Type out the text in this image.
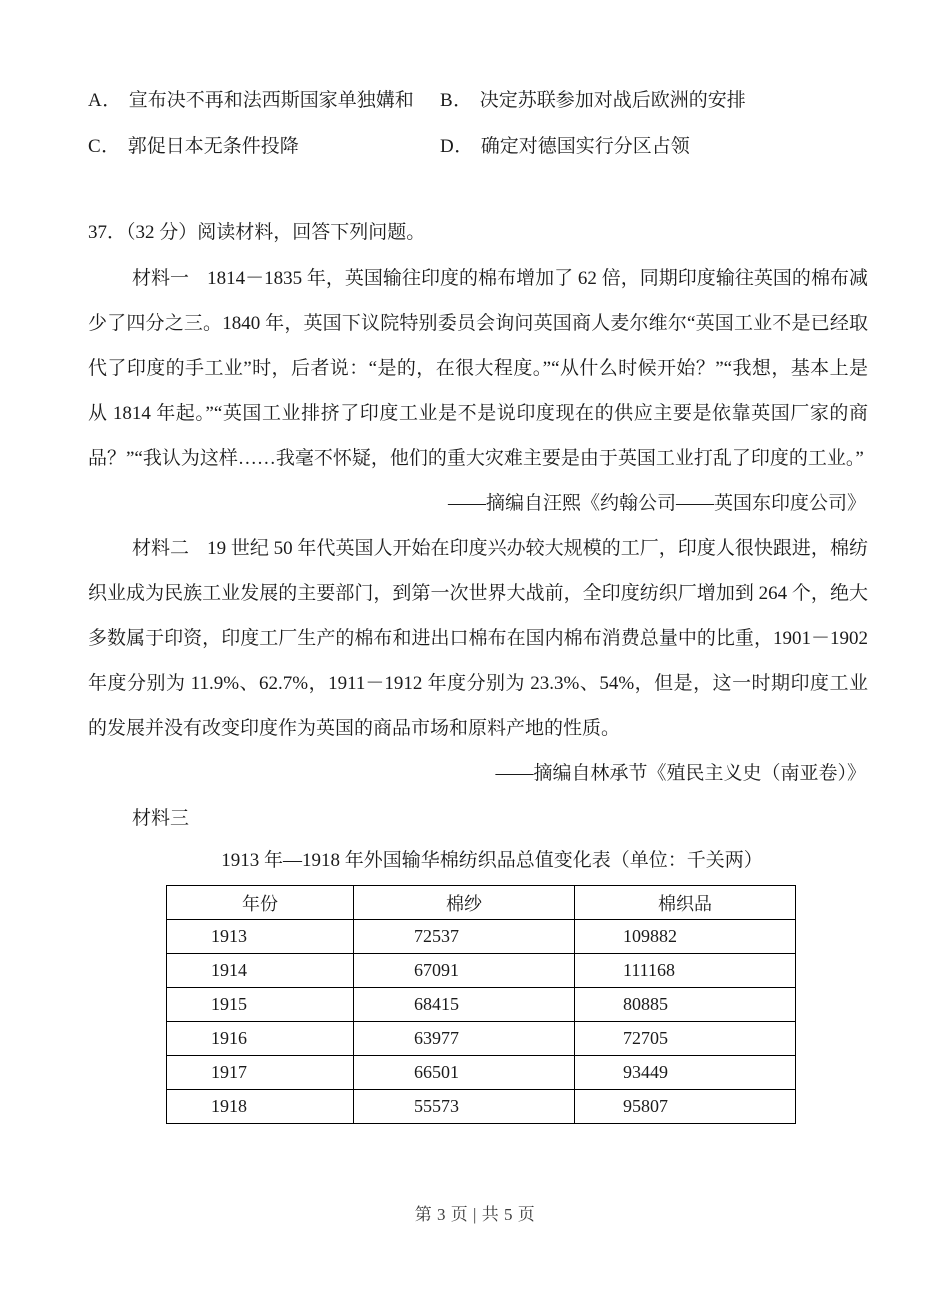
A． 宣布决不再和法西斯国家单独媾和 B． 决定苏联参加对战后欧洲的安排
C． 郭促日本无条件投降	D． 确定对德国实行分区占领
37．（32 分）阅读材料，回答下列问题。

材料一 1814－1835 年，英国输往印度的棉布增加了 62 倍，同期印度输往英国的棉布减少了四分之三。1840 年，英国下议院特别委员会询问英国商人麦尔维尔“英国工业不是已经取代了印度的手工业”时，后者说：“是的，在很大程度。”“从什么时候开始？”“我想，基本上是从 1814 年起。”“英国工业排挤了印度工业是不是说印度现在的供应主要是依靠英国厂家的商品？”“我认为这样……我毫不怀疑，他们的重大灾难主要是由于英国工业打乱了印度的工业。”

——摘编自汪熙《约翰公司——英国东印度公司》

材料二 19 世纪 50 年代英国人开始在印度兴办较大规模的工厂，印度人很快跟进，棉纺织业成为民族工业发展的主要部门，到第一次世界大战前，全印度纺织厂增加到 264 个，绝大多数属于印资，印度工厂生产的棉布和进出口棉布在国内棉布消费总量中的比重，1901－1902 年度分别为 11.9%、62.7%，1911－1912 年度分别为 23.3%、54%，但是，这一时期印度工业的发展并没有改变印度作为英国的商品市场和原料产地的性质。

——摘编自林承节《殖民主义史（南亚卷）》

材料三

1913 年—1918 年外国输华棉纺织品总值变化表（单位：千关两）

年份	棉纱	棉织品
1913	72537	109882
1914	67091	111168
1915	68415	80885
1916	63977	72705
1917	66501	93449
1918	55573	95807
第 3 页 | 共 5 页
